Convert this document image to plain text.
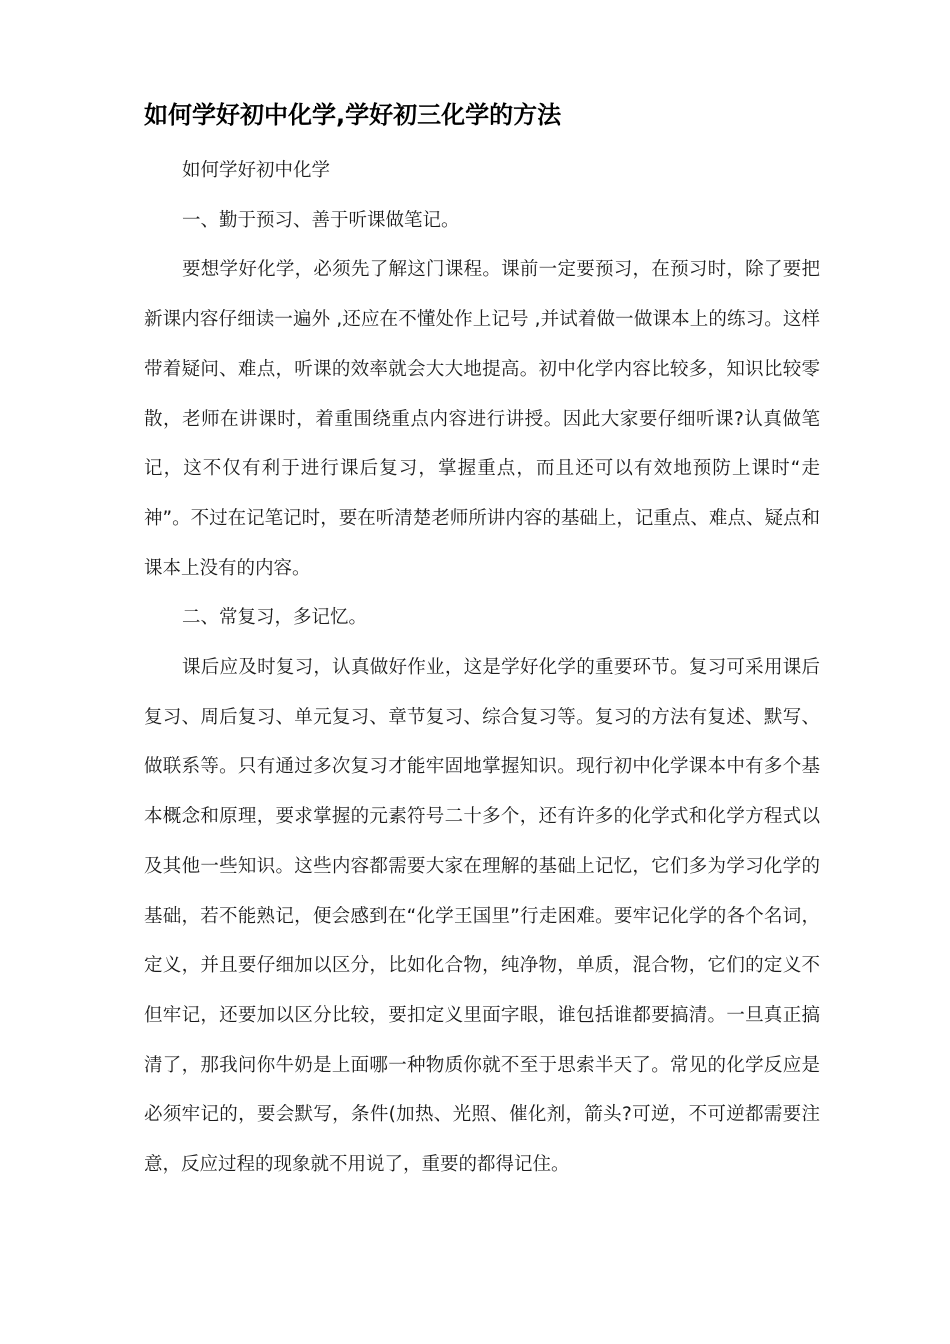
如何学好初中化学,学好初三化学的方法

如何学好初中化学

一、勤于预习、善于听课做笔记。

要想学好化学，必须先了解这门课程。课前一定要预习，在预习时，除了要把新课内容仔细读一遍外 ,还应在不懂处作上记号 ,并试着做一做课本上的练习。这样带着疑问、难点，听课的效率就会大大地提高。初中化学内容比较多，知识比较零散，老师在讲课时，着重围绕重点内容进行讲授。因此大家要仔细听课?认真做笔记，这不仅有利于进行课后复习，掌握重点，而且还可以有效地预防上课时“走神”。不过在记笔记时，要在听清楚老师所讲内容的基础上，记重点、难点、疑点和课本上没有的内容。

二、常复习，多记忆。

课后应及时复习，认真做好作业，这是学好化学的重要环节。复习可采用课后复习、周后复习、单元复习、章节复习、综合复习等。复习的方法有复述、默写、做联系等。只有通过多次复习才能牢固地掌握知识。现行初中化学课本中有多个基本概念和原理，要求掌握的元素符号二十多个，还有许多的化学式和化学方程式以及其他一些知识。这些内容都需要大家在理解的基础上记忆，它们多为学习化学的基础，若不能熟记，便会感到在“化学王国里”行走困难。要牢记化学的各个名词，定义，并且要仔细加以区分，比如化合物，纯净物，单质，混合物，它们的定义不但牢记，还要加以区分比较，要扣定义里面字眼，谁包括谁都要搞清。一旦真正搞清了，那我问你牛奶是上面哪一种物质你就不至于思索半天了。常见的化学反应是必须牢记的，要会默写，条件(加热、光照、催化剂，箭头?可逆，不可逆都需要注意，反应过程的现象就不用说了，重要的都得记住。
